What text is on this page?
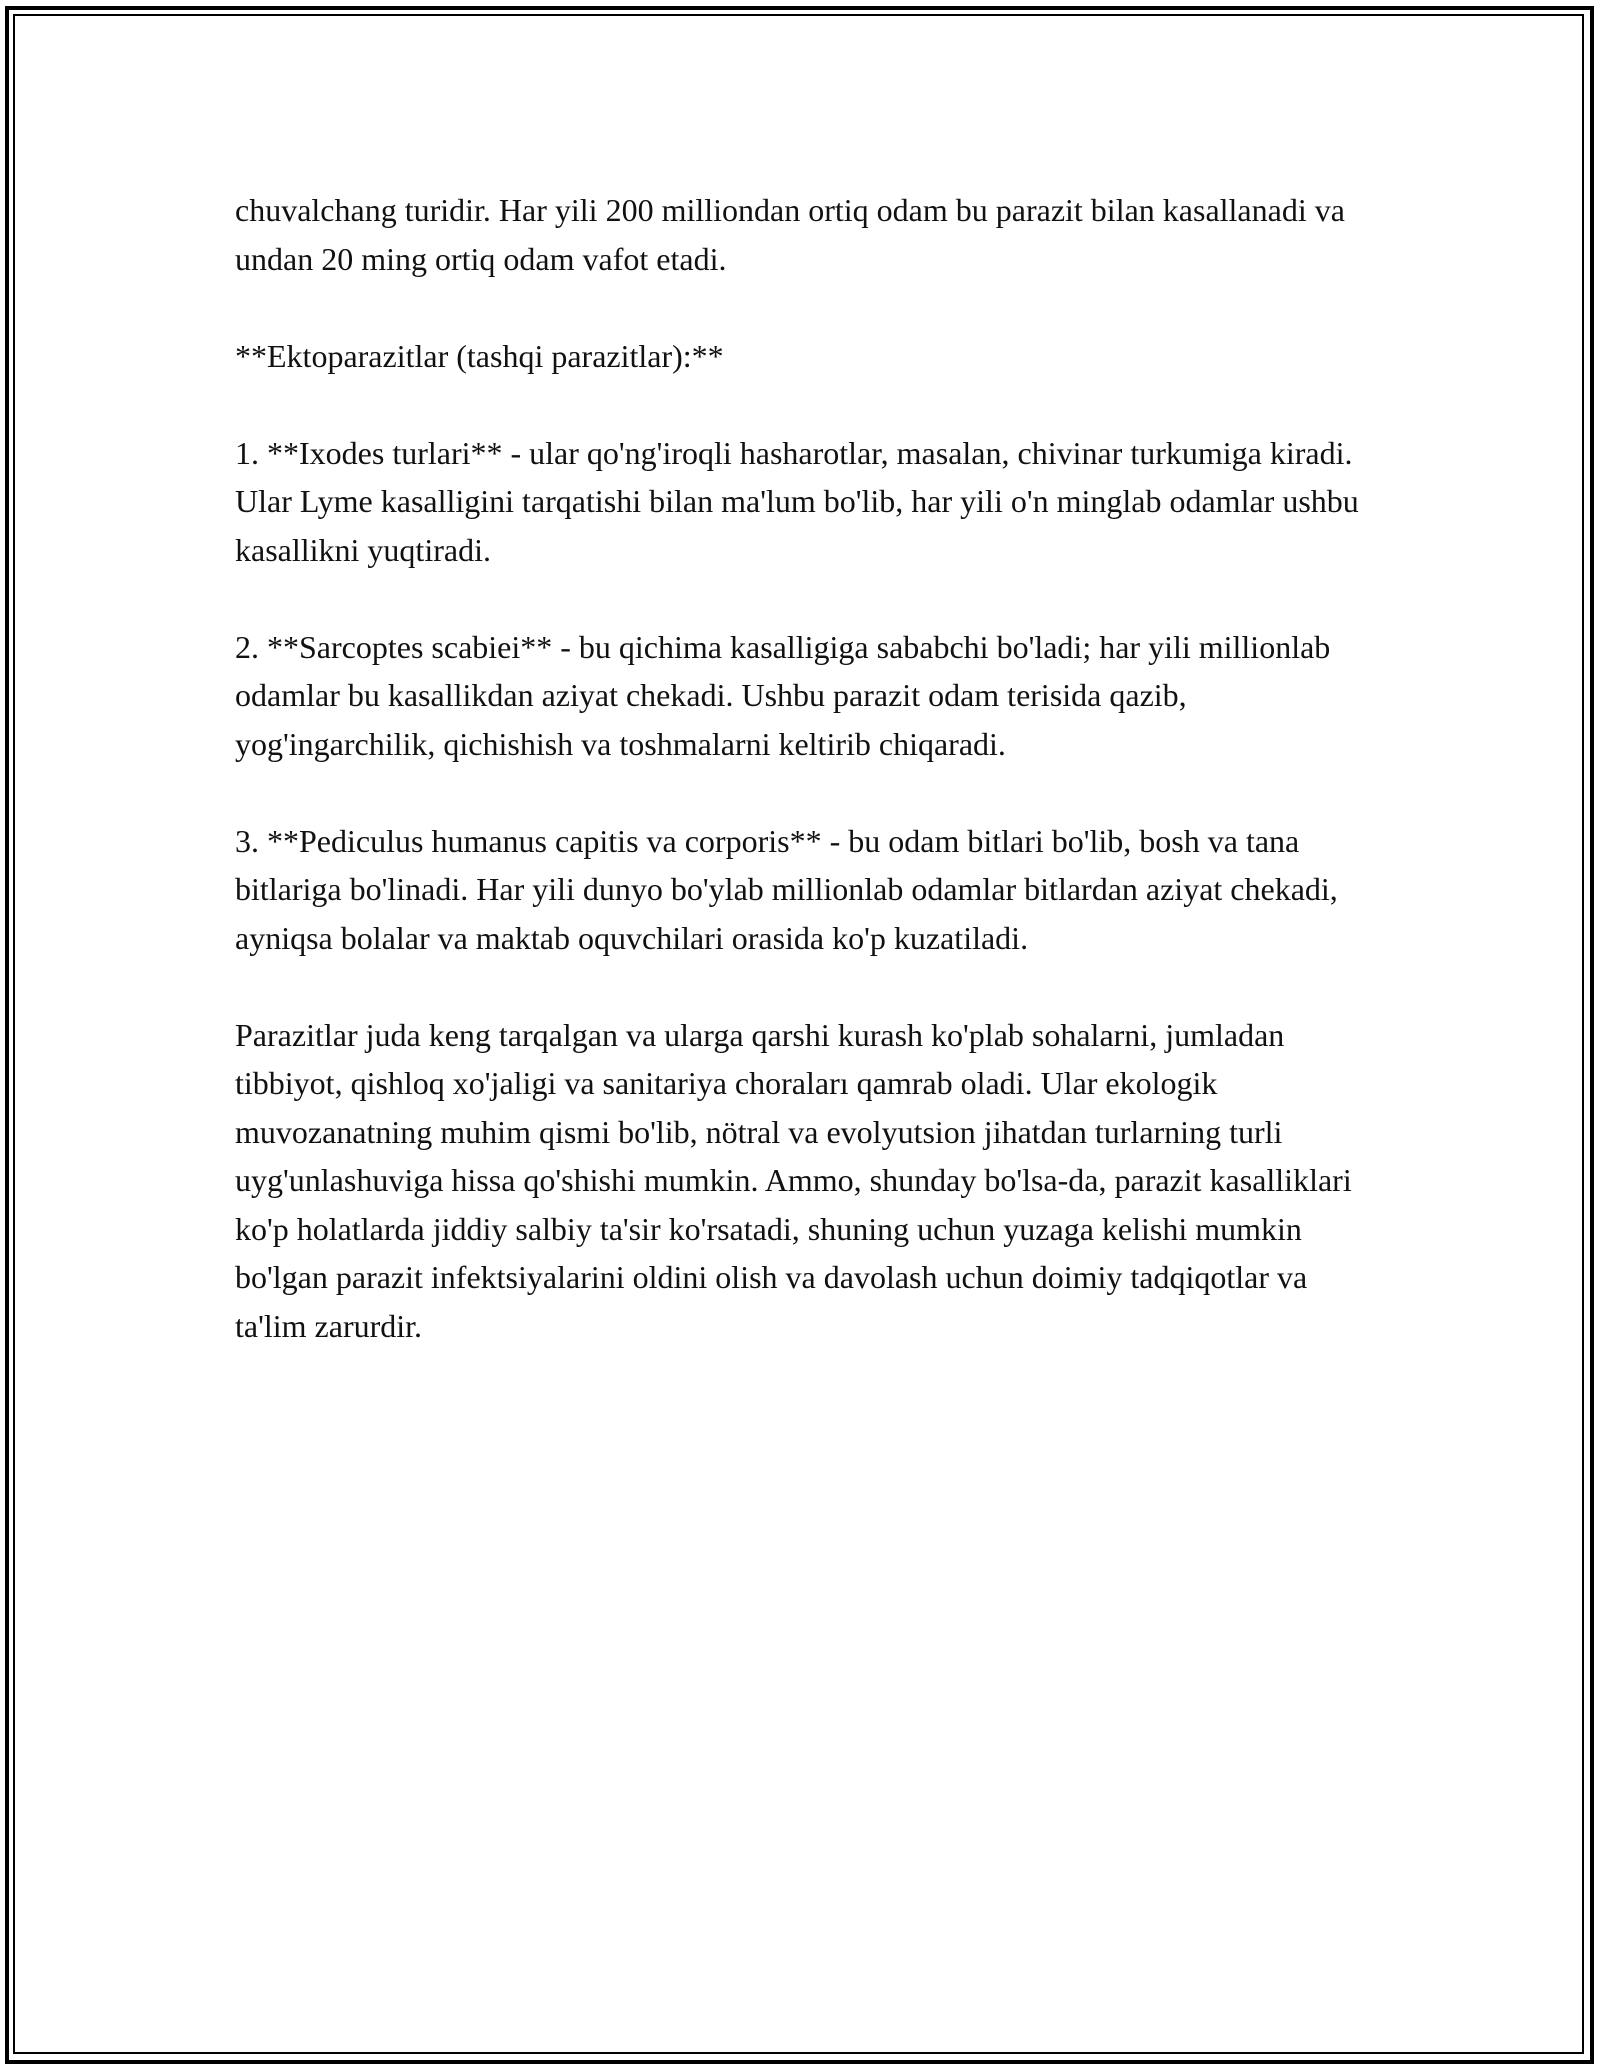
chuvalchang turidir. Har yili 200 milliondan ortiq odam bu parazit bilan kasallanadi va undan 20 ming ortiq odam vafot etadi.

**Ektoparazitlar (tashqi parazitlar):**

1. **Ixodes turlari** - ular qo'ng'iroqli hasharotlar, masalan, chivinar turkumiga kiradi. Ular Lyme kasalligini tarqatishi bilan ma'lum bo'lib, har yili o'n minglab odamlar ushbu kasallikni yuqtiradi.

2. **Sarcoptes scabiei** - bu qichima kasalligiga sababchi bo'ladi; har yili millionlab odamlar bu kasallikdan aziyat chekadi. Ushbu parazit odam terisida qazib, yog'ingarchilik, qichishish va toshmalarni keltirib chiqaradi.

3. **Pediculus humanus capitis va corporis** - bu odam bitlari bo'lib, bosh va tana bitlariga bo'linadi. Har yili dunyo bo'ylab millionlab odamlar bitlardan aziyat chekadi, ayniqsa bolalar va maktab oquvchilari orasida ko'p kuzatiladi.

Parazitlar juda keng tarqalgan va ularga qarshi kurash ko'plab sohalarni, jumladan tibbiyot, qishloq xo'jaligi va sanitariya choraları qamrab oladi. Ular ekologik muvozanatning muhim qismi bo'lib, nötral va evolyutsion jihatdan turlarning turli uyg'unlashuviga hissa qo'shishi mumkin. Ammo, shunday bo'lsa-da, parazit kasalliklari ko'p holatlarda jiddiy salbiy ta'sir ko'rsatadi, shuning uchun yuzaga kelishi mumkin bo'lgan parazit infektsiyalarini oldini olish va davolash uchun doimiy tadqiqotlar va ta'lim zarurdir.
